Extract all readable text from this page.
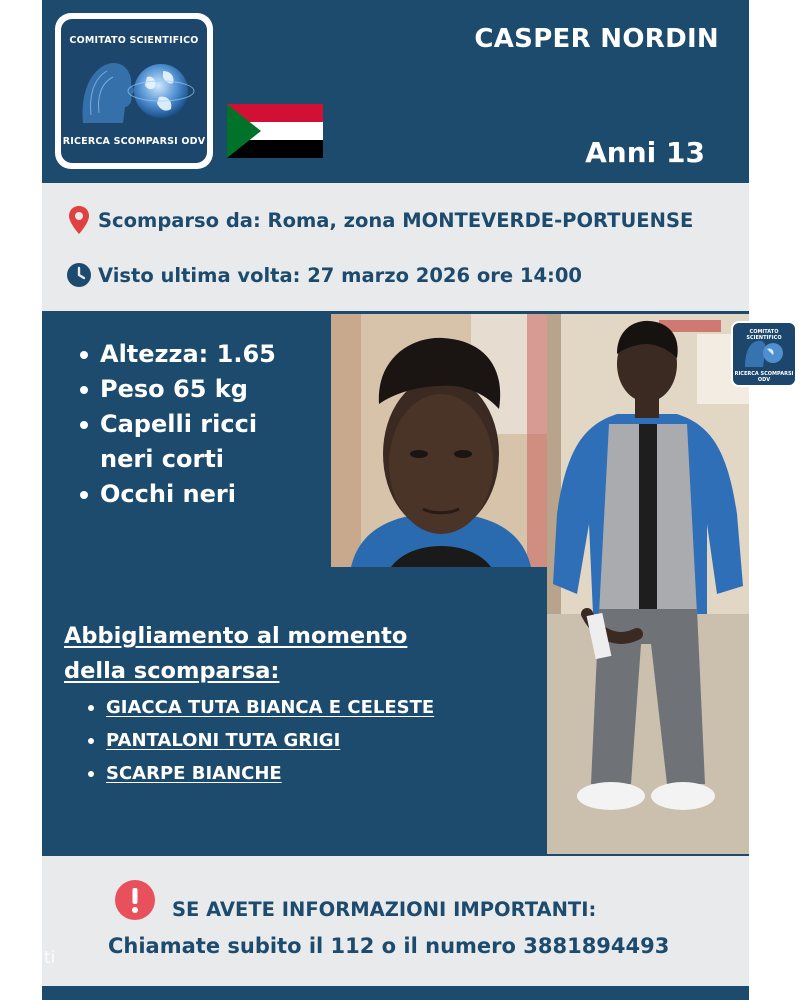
COMITATO SCIENTIFICO
RICERCA SCOMPARSI ODV
CASPER NORDIN
Anni 13
Scomparso da: Roma, zona MONTEVERDE-PORTUENSE
Visto ultima volta: 27 marzo 2026 ore 14:00
Altezza: 1.65
Peso 65 kg
Capelli ricci neri corti
Occhi neri
COMITATO SCIENTIFICO
RICERCA SCOMPARSI ODV
Abbigliamento al momento della scomparsa:
GIACCA TUTA BIANCA E CELESTE
PANTALONI TUTA GRIGI
SCARPE BIANCHE
SE AVETE INFORMAZIONI IMPORTANTI:
Chiamate subito il 112 o il numero 3881894493
ti
